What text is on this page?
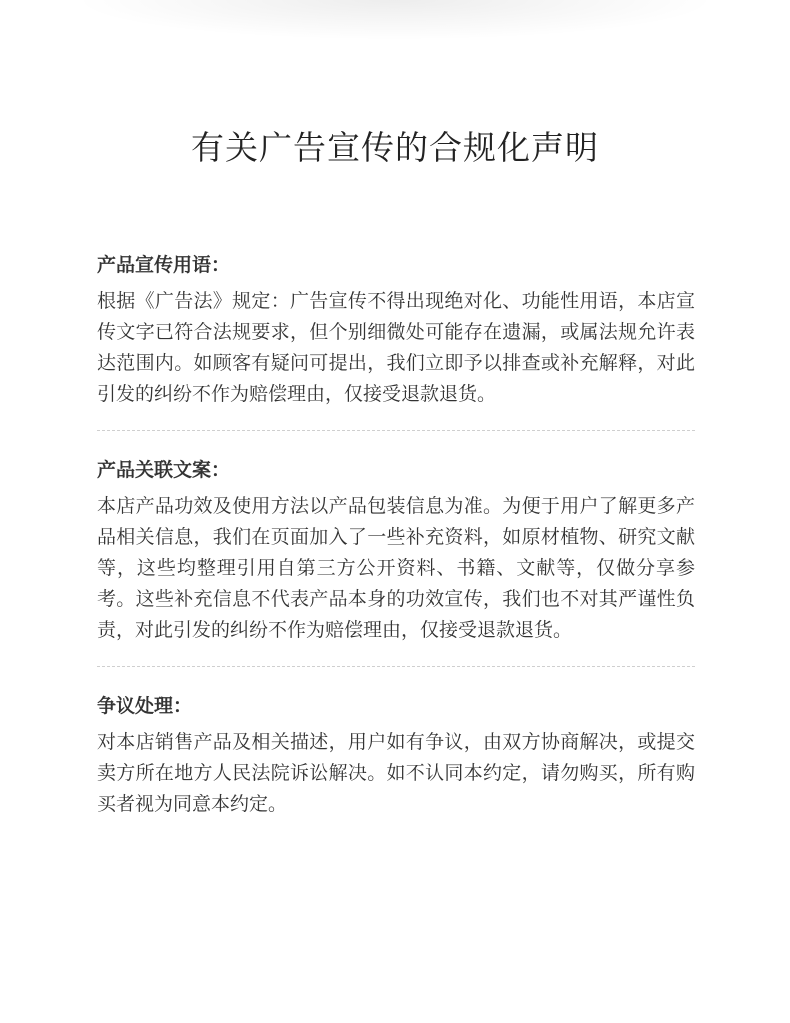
有关广告宣传的合规化声明
产品宣传用语：

根据《广告法》规定：广告宣传不得出现绝对化、功能性用语，本店宣传文字已符合法规要求，但个别细微处可能存在遗漏，或属法规允许表达范围内。如顾客有疑问可提出，我们立即予以排查或补充解释，对此引发的纠纷不作为赔偿理由，仅接受退款退货。

产品关联文案：

本店产品功效及使用方法以产品包装信息为准。为便于用户了解更多产品相关信息，我们在页面加入了一些补充资料，如原材植物、研究文献等，这些均整理引用自第三方公开资料、书籍、文献等，仅做分享参考。这些补充信息不代表产品本身的功效宣传，我们也不对其严谨性负责，对此引发的纠纷不作为赔偿理由，仅接受退款退货。

争议处理：

对本店销售产品及相关描述，用户如有争议，由双方协商解决，或提交卖方所在地方人民法院诉讼解决。如不认同本约定，请勿购买，所有购买者视为同意本约定。
